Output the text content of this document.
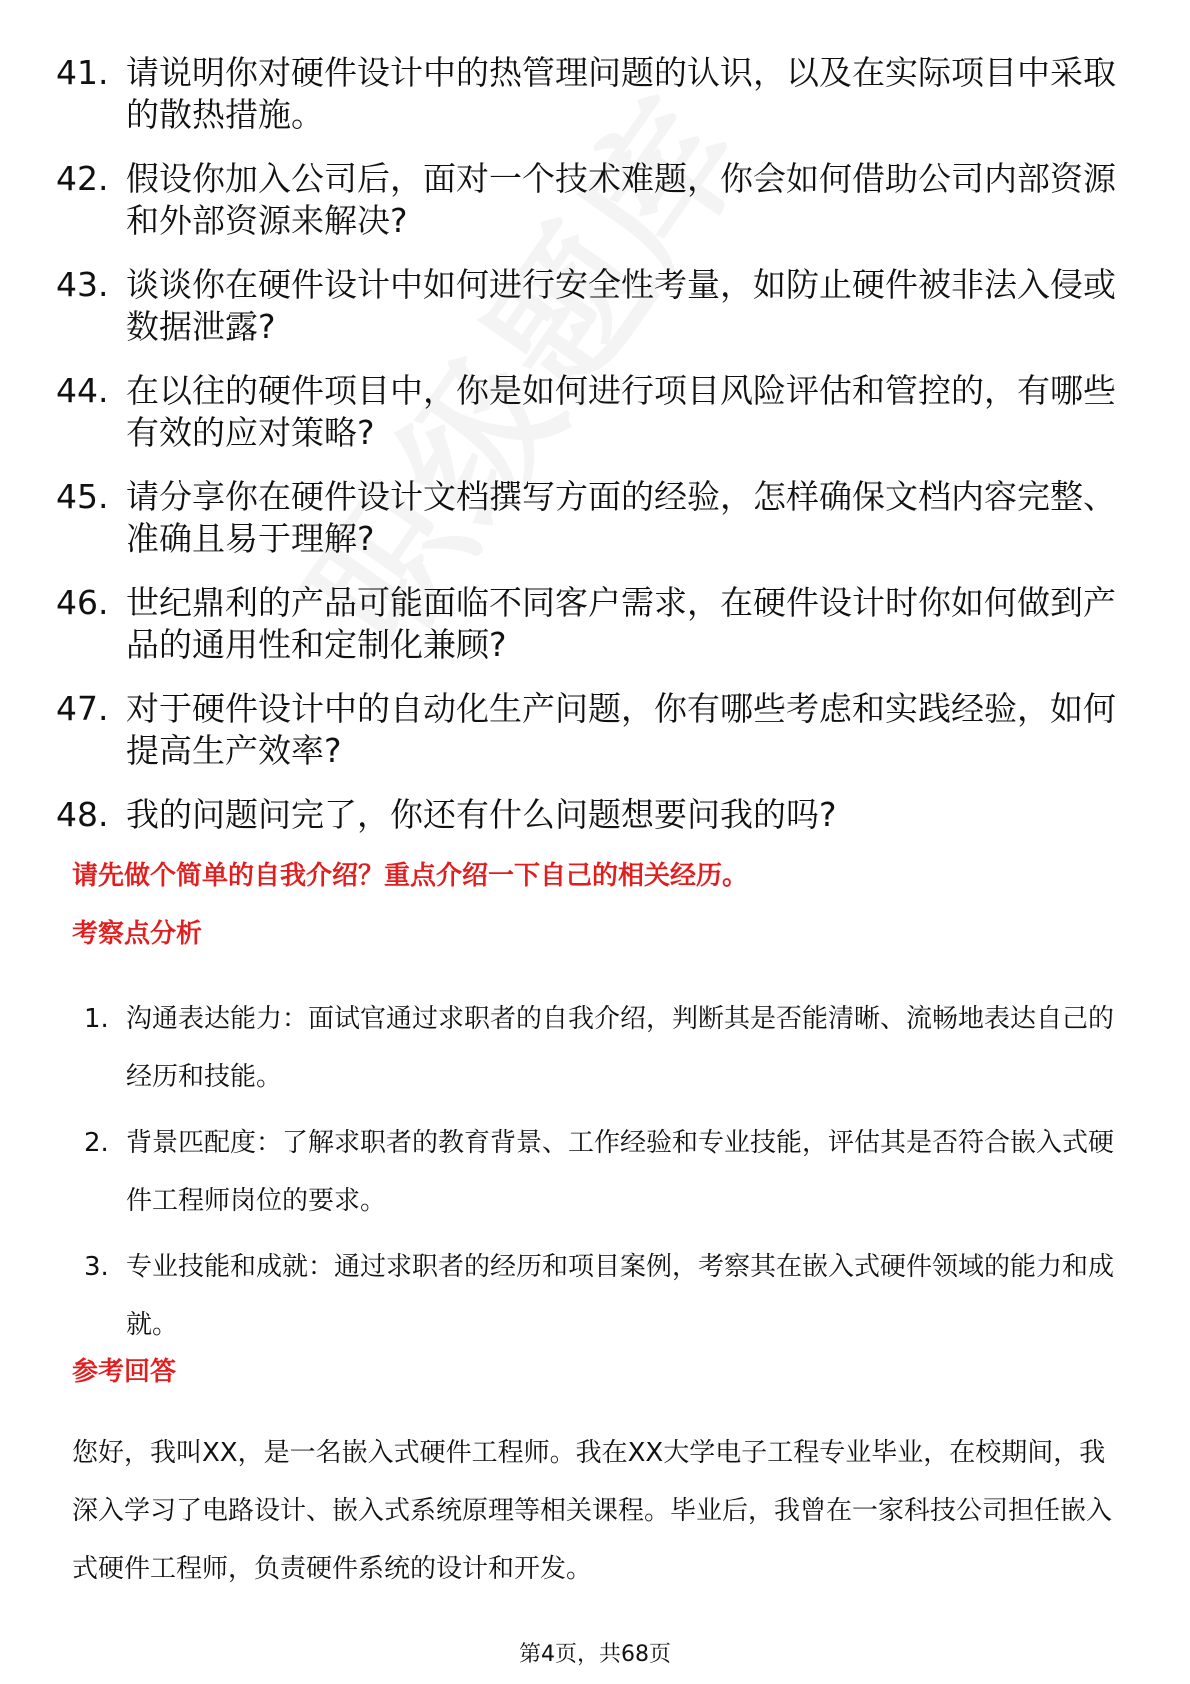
41. 请说明你对硬件设计中的热管理问题的认识，以及在实际项目中采取的散热措施。
42. 假设你加入公司后，面对一个技术难题，你会如何借助公司内部资源和外部资源来解决?
43. 谈谈你在硬件设计中如何进行安全性考量，如防止硬件被非法入侵或数据泄露?
44. 在以往的硬件项目中，你是如何进行项目风险评估和管控的，有哪些有效的应对策略?
45. 请分享你在硬件设计文档撰写方面的经验，怎样确保文档内容完整、准确且易于理解?
46. 世纪鼎利的产品可能面临不同客户需求，在硬件设计时你如何做到产品的通用性和定制化兼顾?
47. 对于硬件设计中的自动化生产问题，你有哪些考虑和实践经验，如何提高生产效率?
48. 我的问题问完了，你还有什么问题想要问我的吗?
请先做个简单的自我介绍？重点介绍一下自己的相关经历。
考察点分析
1. 沟通表达能力：面试官通过求职者的自我介绍，判断其是否能清晰、流畅地表达自己的经历和技能。
2. 背景匹配度：了解求职者的教育背景、工作经验和专业技能，评估其是否符合嵌入式硬件工程师岗位的要求。
3. 专业技能和成就：通过求职者的经历和项目案例，考察其在嵌入式硬件领域的能力和成就。
参考回答

您好，我叫XX，是一名嵌入式硬件工程师。我在XX大学电子工程专业毕业，在校期间，我深入学习了电路设计、嵌入式系统原理等相关课程。毕业后，我曾在一家科技公司担任嵌入式硬件工程师，负责硬件系统的设计和开发。

第4页，共68页
